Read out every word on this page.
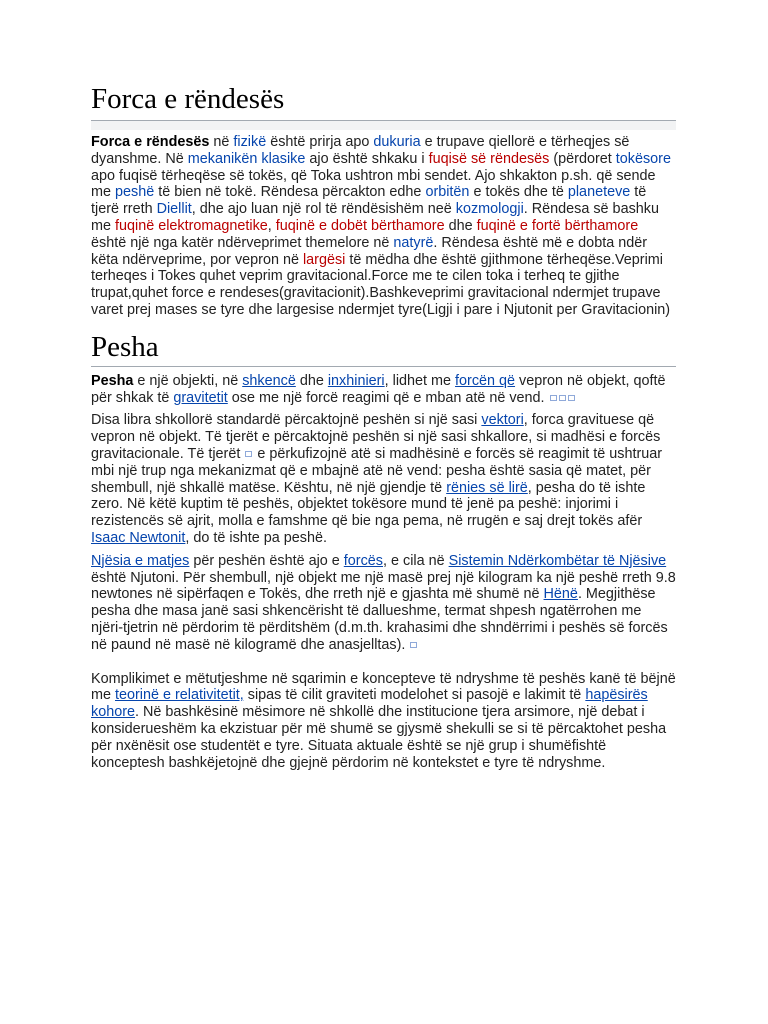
Forca e rëndesës

Forca e rëndesës në fizikë është prirja apo dukuria e trupave qiellorë e tërheqjes së dyanshme. Në mekanikën klasike ajo është shkaku i fuqisë së rëndesës (përdoret tokësore apo fuqisë tërheqëse së tokës, që Toka ushtron mbi sendet. Ajo shkakton p.sh. që sende me peshë të bien në tokë. Rëndesa përcakton edhe orbitën e tokës dhe të planeteve të tjerë rreth Diellit, dhe ajo luan një rol të rëndësishëm neë kozmologji. Rëndesa së bashku me fuqinë elektromagnetike, fuqinë e dobët bërthamore dhe fuqinë e fortë bërthamore është një nga katër ndërveprimet themelore në natyrë. Rëndesa është më e dobta ndër këta ndërveprime, por vepron në largësi të mëdha dhe është gjithmone tërheqëse.Veprimi terheqes i Tokes quhet veprim gravitacional.Force me te cilen toka i terheq te gjithe trupat,quhet force e rendeses(gravitacionit).Bashkeveprimi gravitacional ndermjet trupave varet prej mases se tyre dhe largesise ndermjet tyre(Ligji i pare i Njutonit per Gravitacionin)

Pesha

Pesha e një objekti, në shkencë dhe inxhinieri, lidhet me forcën që vepron në objekt, qoftë për shkak të gravitetit ose me një forcë reagimi që e mban atë në vend.

Disa libra shkollorë standardë përcaktojnë peshën si një sasi vektori, forca gravituese që vepron në objekt. Të tjerët e përcaktojnë peshën si një sasi shkallore, si madhësi e forcës gravitacionale. Të tjerët  e përkufizojnë atë si madhësinë e forcës së reagimit të ushtruar mbi një trup nga mekanizmat që e mbajnë atë në vend: pesha është sasia që matet, për shembull, një shkallë matëse. Kështu, në një gjendje të rënies së lirë, pesha do të ishte zero. Në këtë kuptim të peshës, objektet tokësore mund të jenë pa peshë: injorimi i rezistencës së ajrit, molla e famshme që bie nga pema, në rrugën e saj drejt tokës afër Isaac Newtonit, do të ishte pa peshë.

Njësia e matjes për peshën është ajo e forcës, e cila në Sistemin Ndërkombëtar të Njësive është Njutoni. Për shembull, një objekt me një masë prej një kilogram ka një peshë rreth 9.8 newtones në sipërfaqen e Tokës, dhe rreth një e gjashta më shumë në Hënë. Megjithëse pesha dhe masa janë sasi shkencërisht të dallueshme, termat shpesh ngatërrohen me njëri-tjetrin në përdorim të përditshëm (d.m.th. krahasimi dhe shndërrimi i peshës së forcës në paund në masë në kilogramë dhe anasjelltas).

Komplikimet e mëtutjeshme në sqarimin e konceptеve të ndryshme të peshës kanë të bëjnë me teorinë e relativitetit, sipas të cilit graviteti modelohet si pasojë e lakimit të hapësirës kohore. Në bashkësinë mësimore në shkollë dhe institucione tjera arsimore, një debat i konsiderueshëm ka ekzistuar për më shumë se gjysmë shekulli se si të përcaktohet pesha për nxënësit ose studentët e tyre. Situata aktuale është se një grup i shumëfishtë konceptesh bashkëjetojnë dhe gjejnë përdorim në kontekstet e tyre të ndryshme.
